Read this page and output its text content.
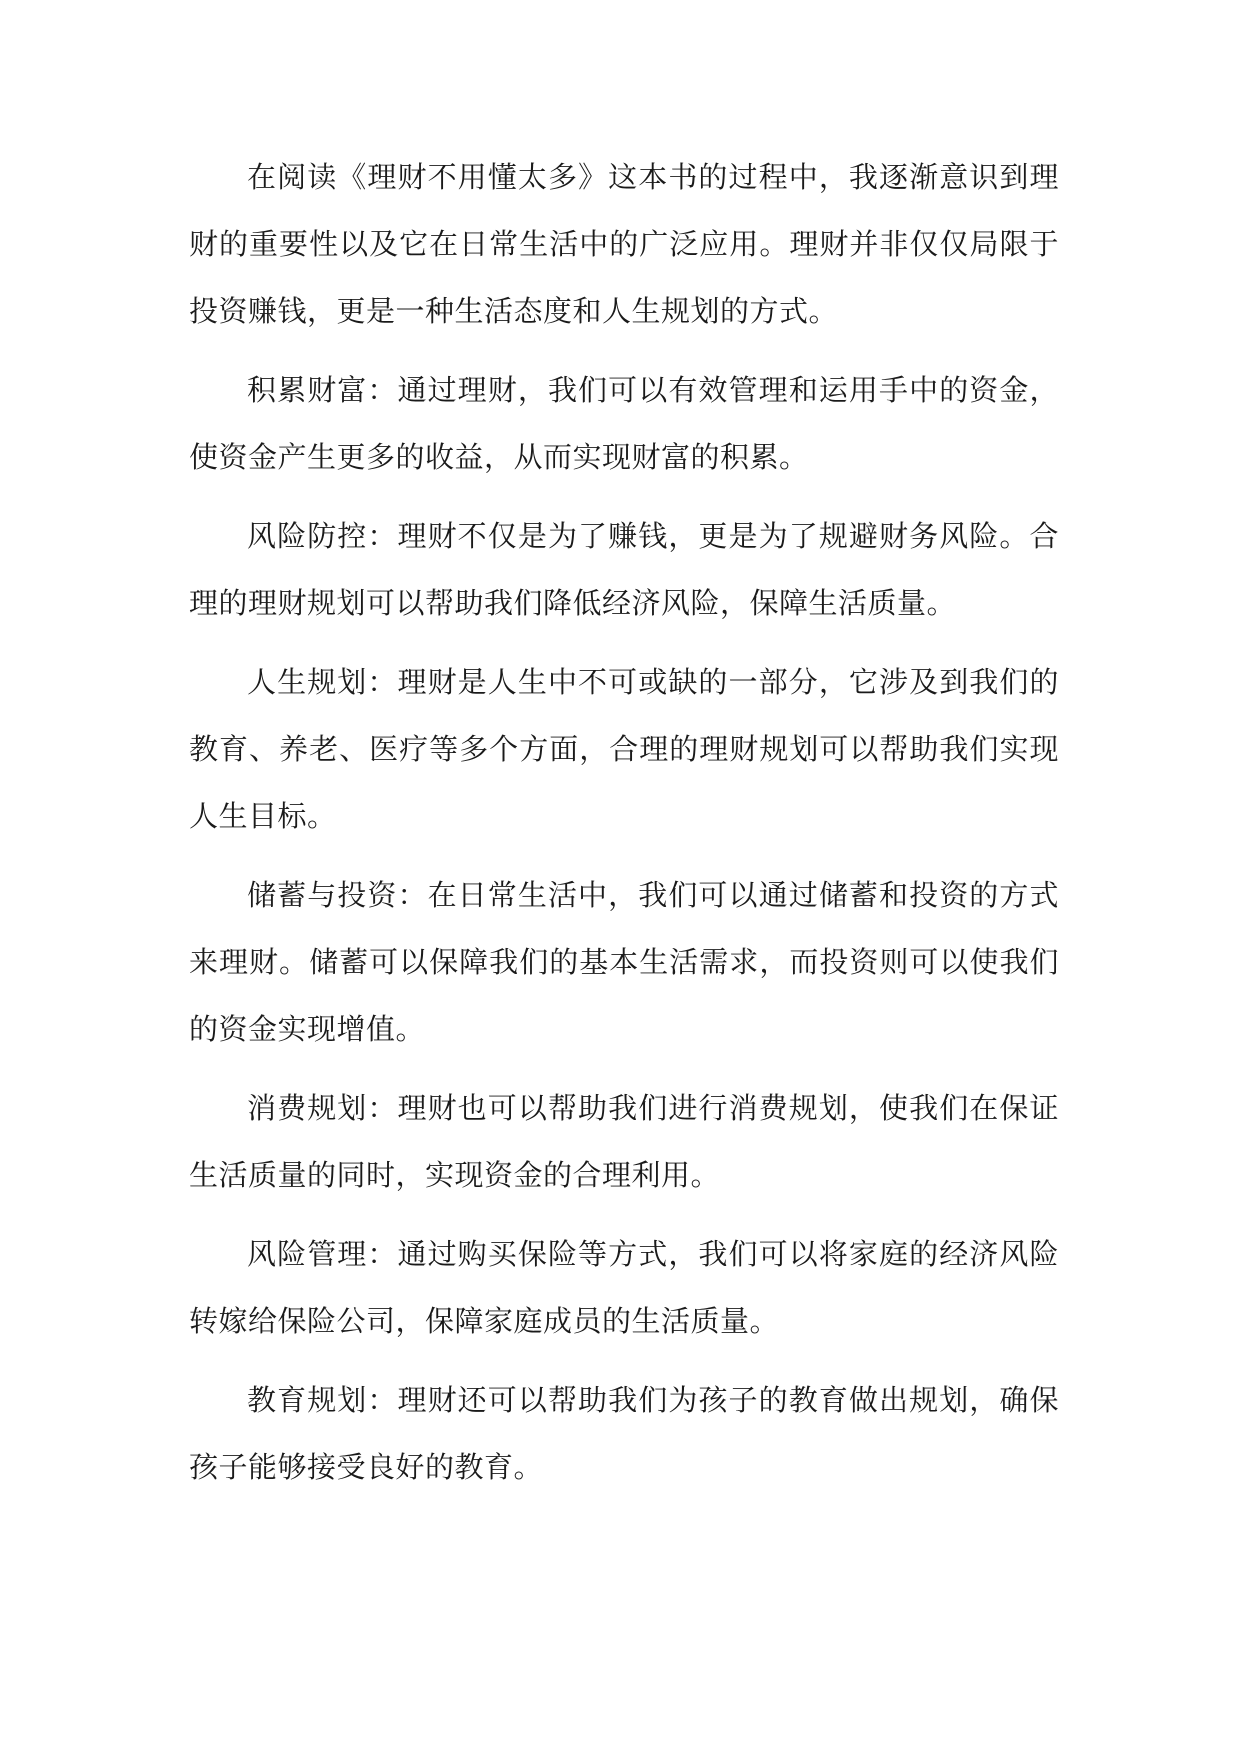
在阅读《理财不用懂太多》这本书的过程中，我逐渐意识到理财的重要性以及它在日常生活中的广泛应用。理财并非仅仅局限于投资赚钱，更是一种生活态度和人生规划的方式。

积累财富：通过理财，我们可以有效管理和运用手中的资金，使资金产生更多的收益，从而实现财富的积累。

风险防控：理财不仅是为了赚钱，更是为了规避财务风险。合理的理财规划可以帮助我们降低经济风险，保障生活质量。

人生规划：理财是人生中不可或缺的一部分，它涉及到我们的教育、养老、医疗等多个方面，合理的理财规划可以帮助我们实现人生目标。

储蓄与投资：在日常生活中，我们可以通过储蓄和投资的方式来理财。储蓄可以保障我们的基本生活需求，而投资则可以使我们的资金实现增值。

消费规划：理财也可以帮助我们进行消费规划，使我们在保证生活质量的同时，实现资金的合理利用。

风险管理：通过购买保险等方式，我们可以将家庭的经济风险转嫁给保险公司，保障家庭成员的生活质量。

教育规划：理财还可以帮助我们为孩子的教育做出规划，确保孩子能够接受良好的教育。
